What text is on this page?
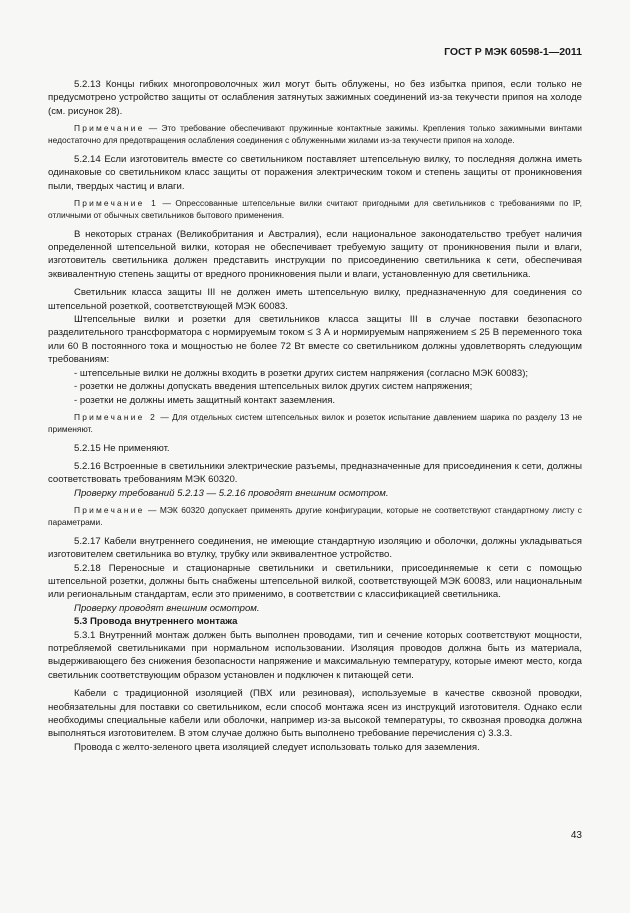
ГОСТ Р МЭК 60598-1—2011

5.2.13 Концы гибких многопроволочных жил могут быть облужены, но без избытка припоя, если только не предусмотрено устройство защиты от ослабления затянутых зажимных соединений из-за текучести припоя на холоде (см. рисунок 28).

Примечание — Это требование обеспечивают пружинные контактные зажимы. Крепления только зажимными винтами недостаточно для предотвращения ослабления соединения с облуженными жилами из-за текучести припоя на холоде.

5.2.14 Если изготовитель вместе со светильником поставляет штепсельную вилку, то последняя должна иметь одинаковые со светильником класс защиты от поражения электрическим током и степень защиты от проникновения пыли, твердых частиц и влаги.

Примечание 1 — Опрессованные штепсельные вилки считают пригодными для светильников с требованиями по IP, отличными от обычных светильников бытового применения.

В некоторых странах (Великобритания и Австралия), если национальное законодательство требует наличия определенной штепсельной вилки, которая не обеспечивает требуемую защиту от проникновения пыли и влаги, изготовитель светильника должен представить инструкции по присоединению светильника к сети, обеспечивая эквивалентную степень защиты от вредного проникновения пыли и влаги, установленную для светильника.

Светильник класса защиты III не должен иметь штепсельную вилку, предназначенную для соединения со штепсельной розеткой, соответствующей МЭК 60083.

Штепсельные вилки и розетки для светильников класса защиты III в случае поставки безопасного разделительного трансформатора с нормируемым током ≤ 3 А и нормируемым напряжением ≤ 25 В переменного тока или 60 В постоянного тока и мощностью не более 72 Вт вместе со светильником должны удовлетворять следующим требованиям:

- штепсельные вилки не должны входить в розетки других систем напряжения (согласно МЭК 60083);

- розетки не должны допускать введения штепсельных вилок других систем напряжения;

- розетки не должны иметь защитный контакт заземления.

Примечание 2 — Для отдельных систем штепсельных вилок и розеток испытание давлением шарика по разделу 13 не применяют.

5.2.15 Не применяют.

5.2.16 Встроенные в светильники электрические разъемы, предназначенные для присоединения к сети, должны соответствовать требованиям МЭК 60320.

Проверку требований 5.2.13 — 5.2.16 проводят внешним осмотром.

Примечание — МЭК 60320 допускает применять другие конфигурации, которые не соответствуют стандартному листу с параметрами.

5.2.17 Кабели внутреннего соединения, не имеющие стандартную изоляцию и оболочки, должны укладываться изготовителем светильника во втулку, трубку или эквивалентное устройство.

5.2.18 Переносные и стационарные светильники и светильники, присоединяемые к сети с помощью штепсельной розетки, должны быть снабжены штепсельной вилкой, соответствующей МЭК 60083, или национальным или региональным стандартам, если это применимо, в соответствии с классификацией светильника.

Проверку проводят внешним осмотром.

5.3 Провода внутреннего монтажа

5.3.1 Внутренний монтаж должен быть выполнен проводами, тип и сечение которых соответствуют мощности, потребляемой светильниками при нормальном использовании. Изоляция проводов должна быть из материала, выдерживающего без снижения безопасности напряжение и максимальную температуру, которые имеют место, когда светильник соответствующим образом установлен и подключен к питающей сети.

Кабели с традиционной изоляцией (ПВХ или резиновая), используемые в качестве сквозной проводки, необязательны для поставки со светильником, если способ монтажа ясен из инструкций изготовителя. Однако если необходимы специальные кабели или оболочки, например из-за высокой температуры, то сквозная проводка должна выполняться изготовителем. В этом случае должно быть выполнено требование перечисления с) 3.3.3.

Провода с желто-зеленого цвета изоляцией следует использовать только для заземления.

43
